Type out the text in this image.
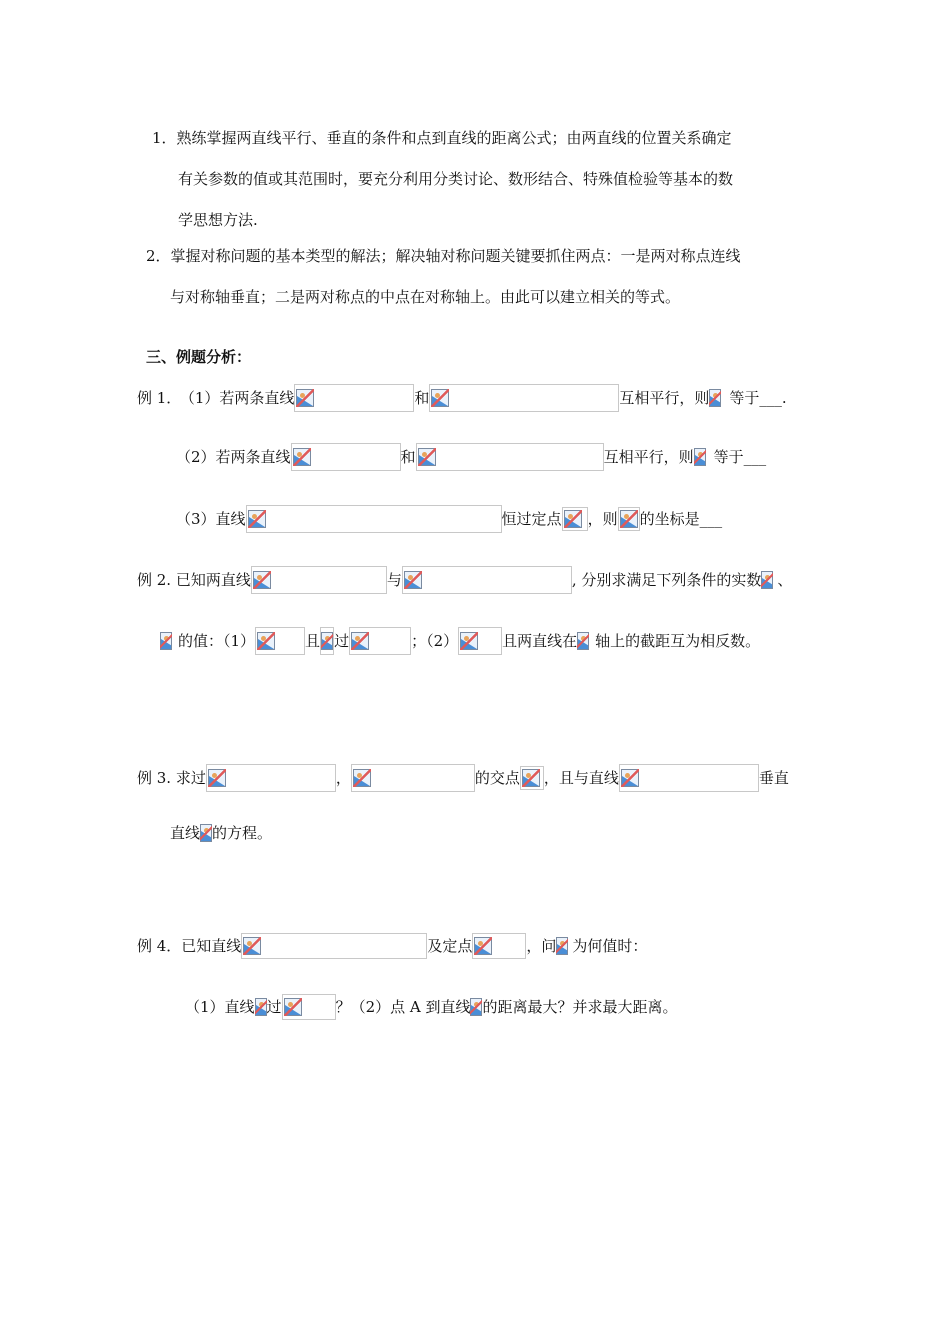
1．熟练掌握两直线平行、垂直的条件和点到直线的距离公式；由两直线的位置关系确定
有关参数的值或其范围时，要充分利用分类讨论、数形结合、特殊值检验等基本的数
学思想方法.
2．掌握对称问题的基本类型的解法；解决轴对称问题关键要抓住两点：一是两对称点连线
与对称轴垂直；二是两对称点的中点在对称轴上。由此可以建立相关的等式。
三、例题分析：
例 1． （1）若两条直线	和	互相平行，则 等于___.
（2）若两条直线	和	互相平行，则 等于___
（3）直线	恒过定点 ，则 的坐标是___
例 2. 已知两直线	与	, 分别求满足下列条件的实数 、
的值：（1）	且 过	；（2）	且两直线在 轴上的截距互为相反数。
例 3. 求过	，	的交点 ，且与直线	垂直
直线 的方程。
例 4．已知直线	及定点	，问 为何值时：
（1）直线 过	？（2）点 A 到直线 的距离最大？并求最大距离。
